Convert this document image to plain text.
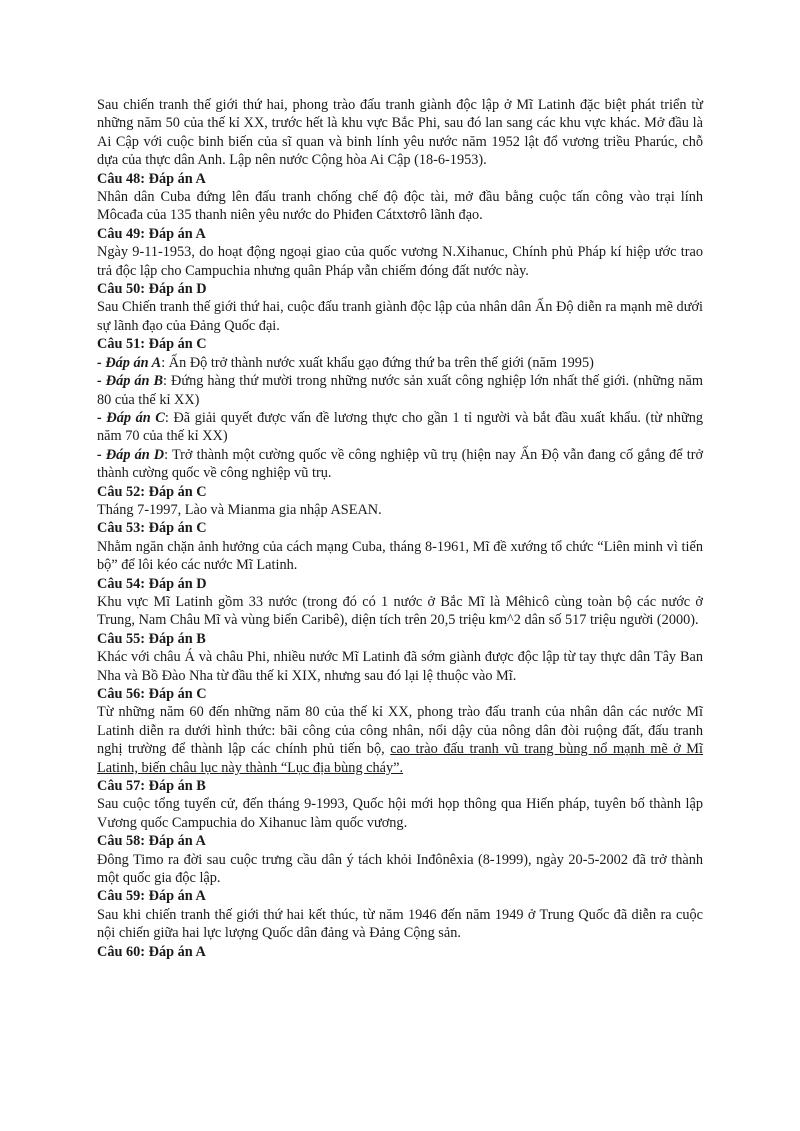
Sau chiến tranh thế giới thứ hai, phong trào đấu tranh giành độc lập ở Mĩ Latinh đặc biệt phát triển từ những năm 50 của thế kỉ XX, trước hết là khu vực Bắc Phi, sau đó lan sang các khu vực khác. Mở đầu là Ai Cập với cuộc binh biến của sĩ quan và binh lính yêu nước năm 1952 lật đổ vương triều Pharúc, chỗ dựa của thực dân Anh. Lập nên nước Cộng hòa Ai Cập (18-6-1953).

Câu 48: Đáp án A

Nhân dân Cuba đứng lên đấu tranh chống chế độ độc tài, mở đầu bằng cuộc tấn công vào trại lính Môcađa của 135 thanh niên yêu nước do Phiđen Cátxtơrô lãnh đạo.

Câu 49: Đáp án A

Ngày 9-11-1953, do hoạt động ngoại giao của quốc vương N.Xihanuc, Chính phủ Pháp kí hiệp ước trao trả độc lập cho Campuchia nhưng quân Pháp vẫn chiếm đóng đất nước này.

Câu 50: Đáp án D

Sau Chiến tranh thế giới thứ hai, cuộc đấu tranh giành độc lập của nhân dân Ấn Độ diễn ra mạnh mẽ dưới sự lãnh đạo của Đảng Quốc đại.

Câu 51: Đáp án C

- Đáp án A: Ấn Độ trở thành nước xuất khẩu gạo đứng thứ ba trên thế giới (năm 1995)

- Đáp án B: Đứng hàng thứ mười trong những nước sản xuất công nghiệp lớn nhất thế giới. (những năm 80 của thế kỉ XX)

- Đáp án C: Đã giải quyết được vấn đề lương thực cho gần 1 tỉ người và bắt đầu xuất khẩu. (từ những năm 70 của thế kỉ XX)

- Đáp án D: Trở thành một cường quốc về công nghiệp vũ trụ (hiện nay Ấn Độ vẫn đang cố gắng để trở thành cường quốc về công nghiệp vũ trụ.

Câu 52: Đáp án C

Tháng 7-1997, Lào và Mianma gia nhập ASEAN.

Câu 53: Đáp án C

Nhằm ngăn chặn ảnh hưởng của cách mạng Cuba, tháng 8-1961, Mĩ đề xướng tổ chức “Liên minh vì tiến bộ” để lôi kéo các nước Mĩ Latinh.

Câu 54: Đáp án D

Khu vực Mĩ Latinh gồm 33 nước (trong đó có 1 nước ở Bắc Mĩ là Mêhicô cùng toàn bộ các nước ở Trung, Nam Châu Mĩ và vùng biển Caribê), diện tích trên 20,5 triệu km^2 dân số 517 triệu người (2000).

Câu 55: Đáp án B

Khác với châu Á và châu Phi, nhiều nước Mĩ Latinh đã sớm giành được độc lập từ tay thực dân Tây Ban Nha và Bồ Đào Nha từ đầu thế kỉ XIX, nhưng sau đó lại lệ thuộc vào Mĩ.

Câu 56: Đáp án C

Từ những năm 60 đến những năm 80 của thế kỉ XX, phong trào đấu tranh của nhân dân các nước Mĩ Latinh diễn ra dưới hình thức: bãi công của công nhân, nổi dậy của nông dân đòi ruộng đất, đấu tranh nghị trường để thành lập các chính phủ tiến bộ, cao trào đấu tranh vũ trang bùng nổ mạnh mẽ ở Mĩ Latinh, biến châu lục này thành “Lục địa bùng cháy”.

Câu 57: Đáp án B

Sau cuộc tổng tuyển cử, đến tháng 9-1993, Quốc hội mới họp thông qua Hiến pháp, tuyên bố thành lập Vương quốc Campuchia do Xihanuc làm quốc vương.

Câu 58: Đáp án A

Đông Timo ra đời sau cuộc trưng cầu dân ý tách khỏi Inđônêxia (8-1999), ngày 20-5-2002 đã trở thành một quốc gia độc lập.

Câu 59: Đáp án A

Sau khi chiến tranh thế giới thứ hai kết thúc, từ năm 1946 đến năm 1949 ở Trung Quốc đã diễn ra cuộc nội chiến giữa hai lực lượng Quốc dân đảng và Đảng Cộng sản.

Câu 60: Đáp án A
